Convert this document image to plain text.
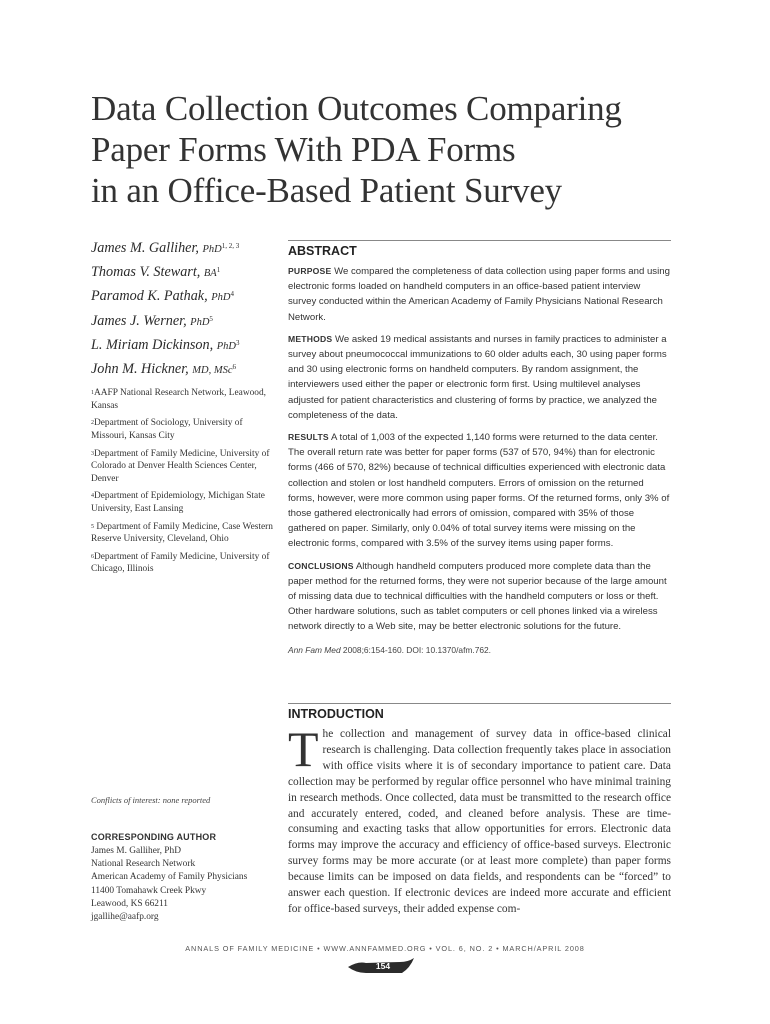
Data Collection Outcomes Comparing
Paper Forms With PDA Forms
in an Office-Based Patient Survey
James M. Galliher, PhD$^{1, 2, 3}$
Thomas V. Stewart, $BA^1$
Paramod K. Pathak, PhD$^4$
James J. Werner, PhD$^5$
L. Miriam Dickinson, PhD$^3$
John M. Hickner, MD, MSc$^6$
$^1$AAFP National Research Network, Leawood, Kansas
$^2$Department of Sociology, University of Missouri, Kansas City
$^3$Department of Family Medicine, University of Colorado at Denver Health Sciences Center, Denver
$^4$Department of Epidemiology, Michigan State University, East Lansing
$^5$ Department of Family Medicine, Case Western Reserve University, Cleveland, Ohio
$^6$Department of Family Medicine, University of Chicago, Illinois
Conflicts of interest: none reported
CORRESPONDING AUTHOR
James M. Galliher, PhD
National Research Network
American Academy of Family Physicians
11400 Tomahawk Creek Pkwy
Leawood, KS 66211
jgallihe@aafp.org
ABSTRACT

PURPOSE We compared the completeness of data collection using paper forms and using electronic forms loaded on handheld computers in an office-based patient interview survey conducted within the American Academy of Family Physicians National Research Network.

METHODS We asked 19 medical assistants and nurses in family practices to administer a survey about pneumococcal immunizations to 60 older adults each, 30 using paper forms and 30 using electronic forms on handheld computers. By random assignment, the interviewers used either the paper or electronic form first. Using multilevel analyses adjusted for patient characteristics and clustering of forms by practice, we analyzed the completeness of the data.

RESULTS A total of 1,003 of the expected 1,140 forms were returned to the data center. The overall return rate was better for paper forms (537 of 570, 94%) than for electronic forms (466 of 570, 82%) because of technical difficulties experienced with electronic data collection and stolen or lost handheld computers. Errors of omission on the returned forms, however, were more common using paper forms. Of the returned forms, only 3% of those gathered electronically had errors of omission, compared with 35% of those gathered on paper. Similarly, only 0.04% of total survey items were missing on the electronic forms, compared with 3.5% of the survey items using paper forms.

CONCLUSIONS Although handheld computers produced more complete data than the paper method for the returned forms, they were not superior because of the large amount of missing data due to technical difficulties with the handheld computers or loss or theft. Other hardware solutions, such as tablet computers or cell phones linked via a wireless network directly to a Web site, may be better electronic solutions for the future.

Ann Fam Med 2008;6:154-160. DOI: 10.1370/afm.762.
INTRODUCTION

The collection and management of survey data in office-based clinical research is challenging. Data collection frequently takes place in association with office visits where it is of secondary importance to patient care. Data collection may be performed by regular office personnel who have minimal training in research methods. Once collected, data must be transmitted to the research office and accurately entered, coded, and cleaned before analysis. These are time-consuming and exacting tasks that allow opportunities for errors. Electronic data forms may improve the accuracy and efficiency of office-based surveys. Electronic survey forms may be more accurate (or at least more complete) than paper forms because limits can be imposed on data fields, and respondents can be “forced” to answer each question. If electronic devices are indeed more accurate and efficient for office-based surveys, their added expense com-

ANNALS OF FAMILY MEDICINE • WWW.ANNFAMMED.ORG • VOL. 6, NO. 2 • MARCH/APRIL 2008
154
